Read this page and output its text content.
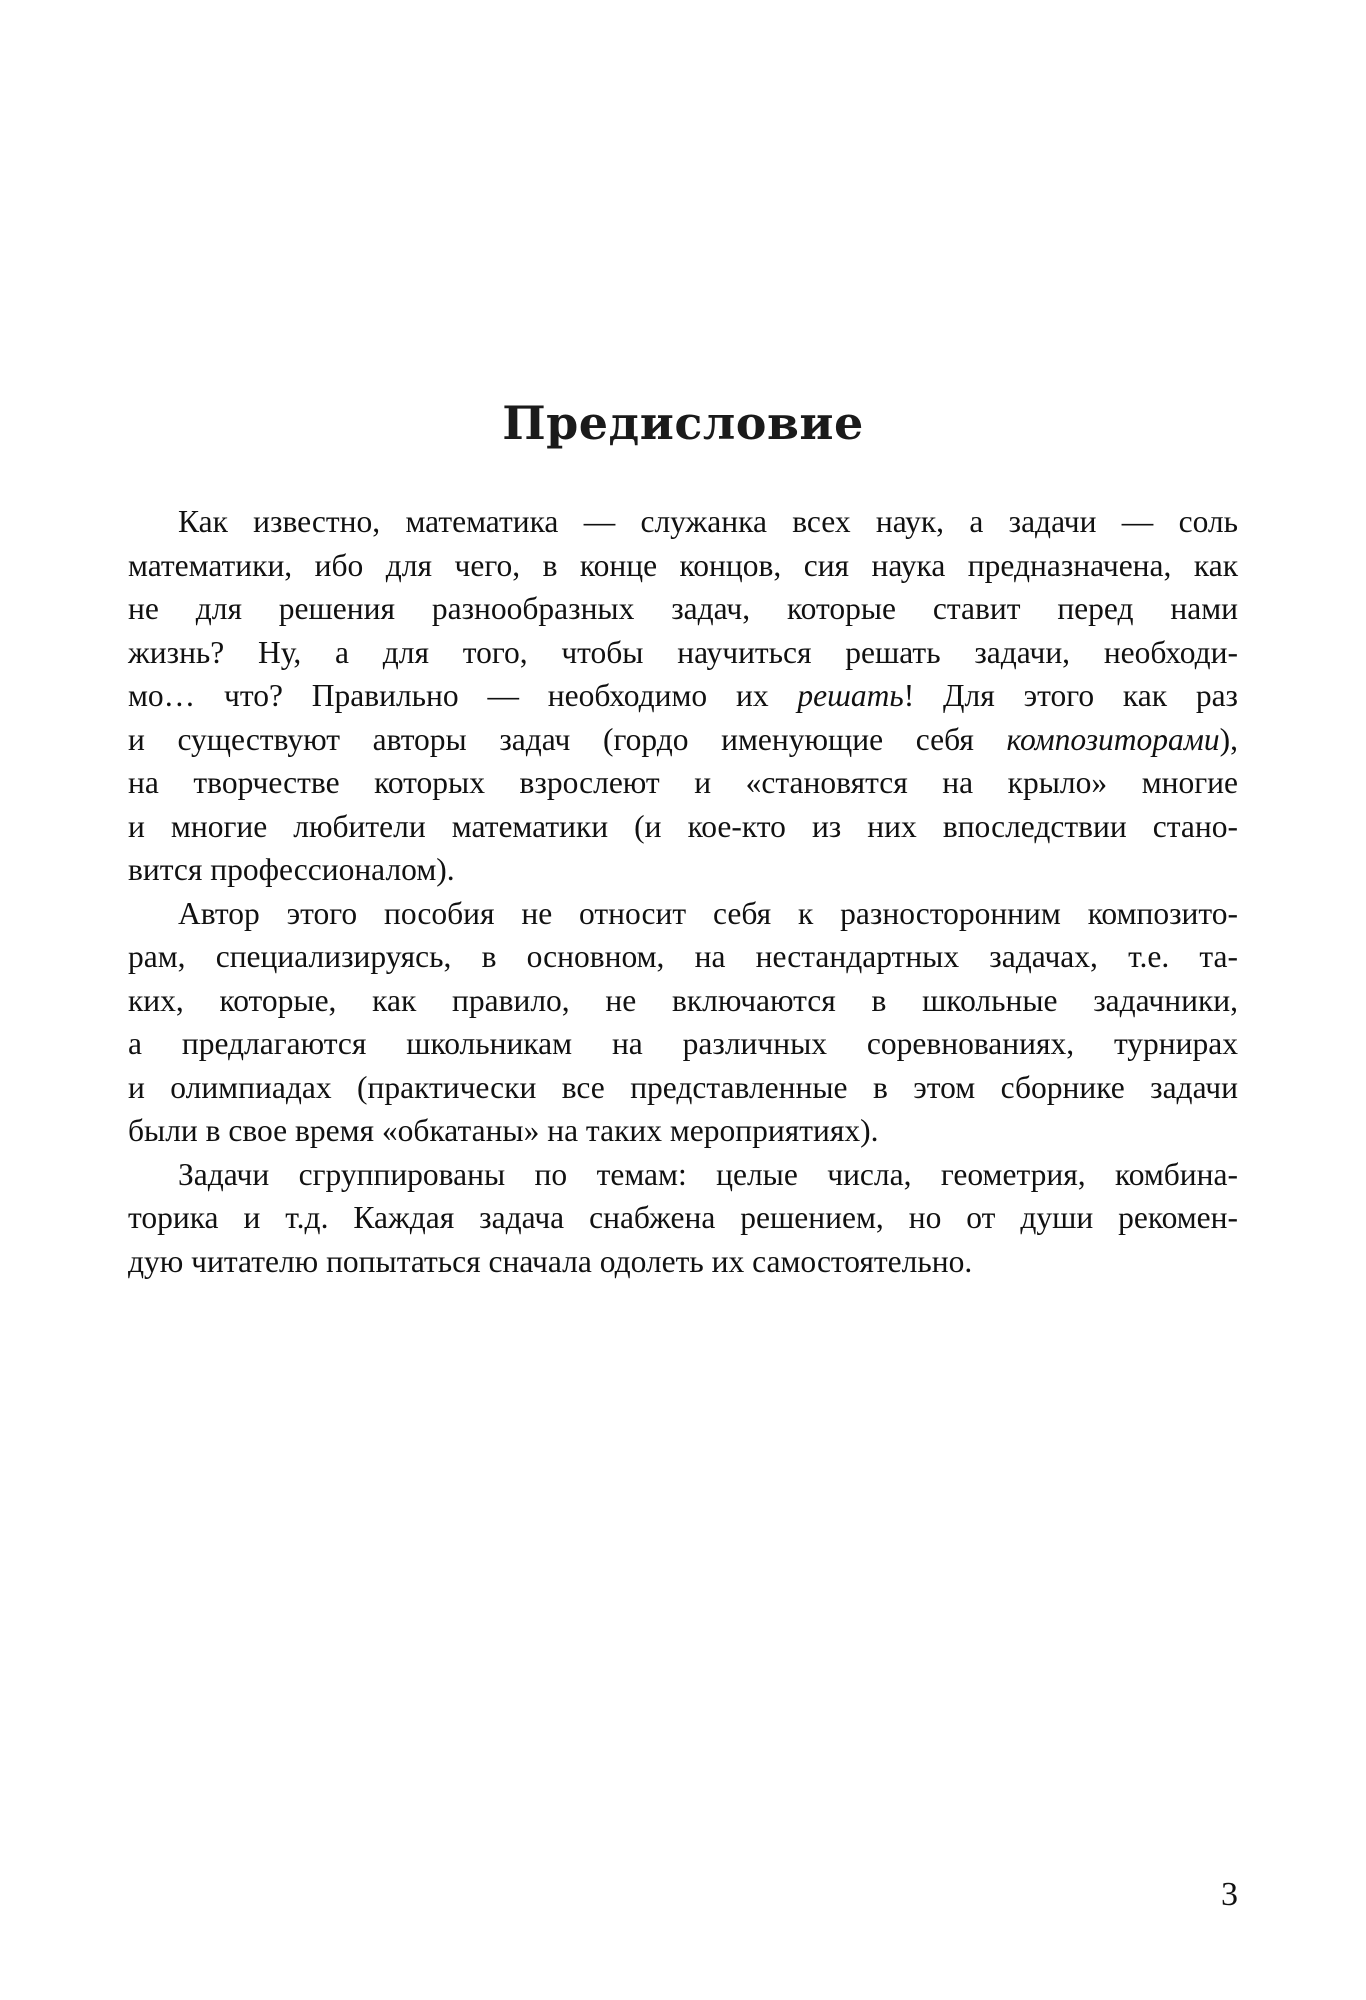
Предисловие

Как известно, математика — служанка всех наук, а задачи — соль
математики, ибо для чего, в конце концов, сия наука предназначена, как
не для решения разнообразных задач, которые ставит перед нами
жизнь? Ну, а для того, чтобы научиться решать задачи, необходи-
мо… что? Правильно — необходимо их решать! Для этого как раз
и существуют авторы задач (гордо именующие себя композиторами),
на творчестве которых взрослеют и «становятся на крыло» многие
и многие любители математики (и кое-кто из них впоследствии стано-
вится профессионалом).

Автор этого пособия не относит себя к разносторонним композито-
рам, специализируясь, в основном, на нестандартных задачах, т.е. та-
ких, которые, как правило, не включаются в школьные задачники,
а предлагаются школьникам на различных соревнованиях, турнирах
и олимпиадах (практически все представленные в этом сборнике задачи
были в свое время «обкатаны» на таких мероприятиях).

Задачи сгруппированы по темам: целые числа, геометрия, комбина-
торика и т.д. Каждая задача снабжена решением, но от души рекомен-
дую читателю попытаться сначала одолеть их самостоятельно.

3
